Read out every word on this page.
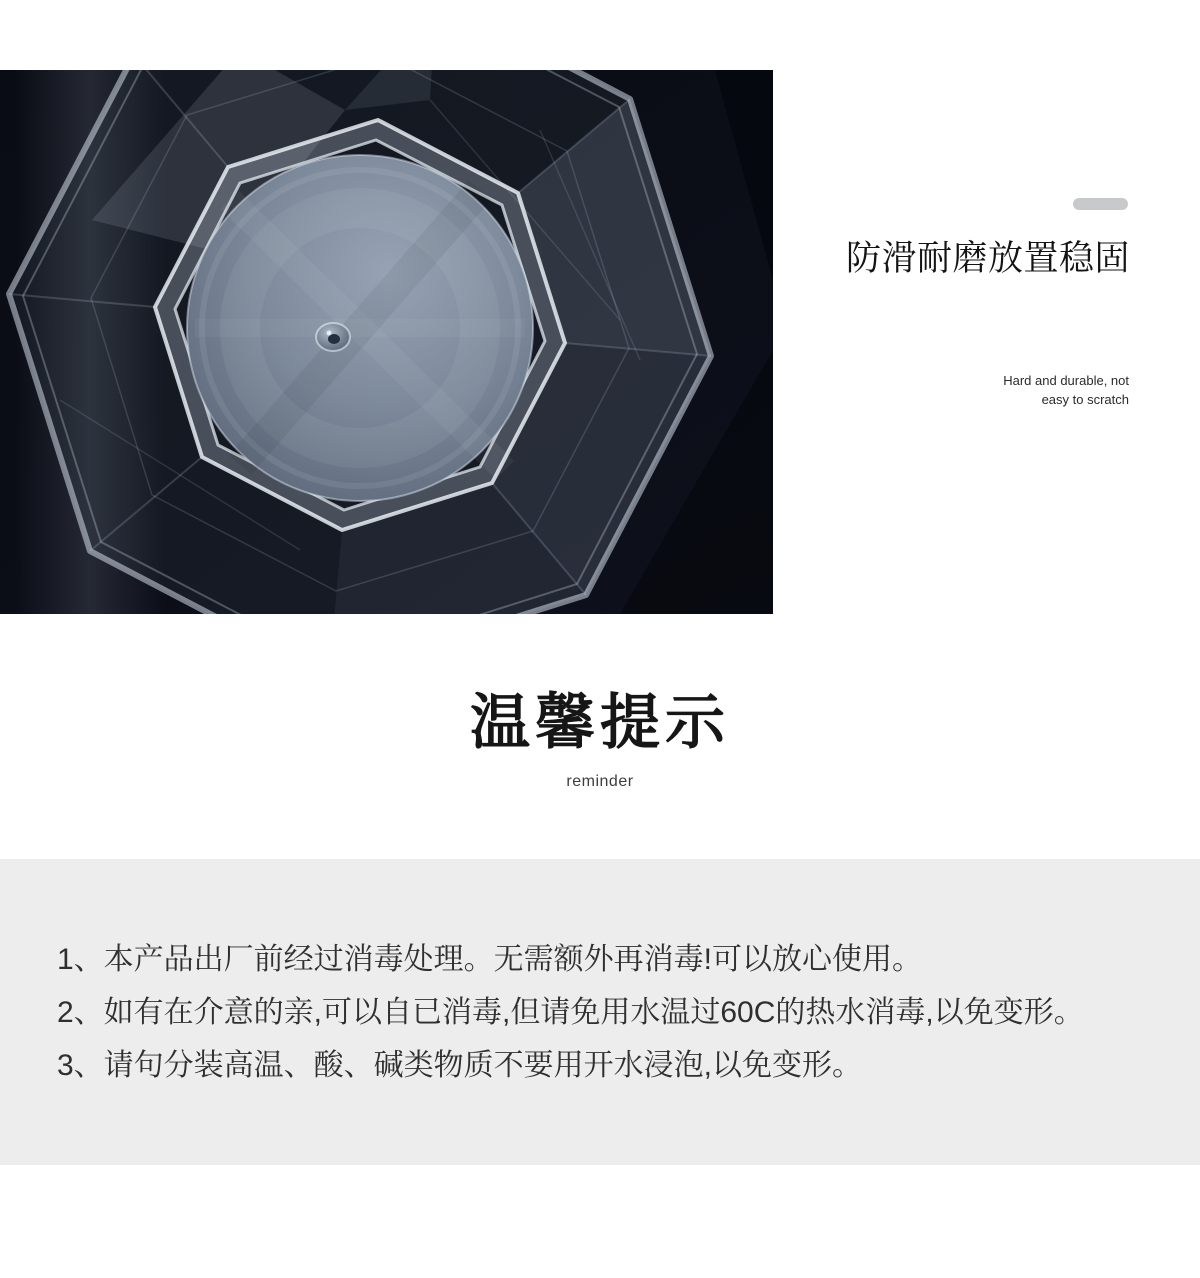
防滑耐磨放置稳固
Hard and durable, not
easy to scratch
温馨提示
reminder

1、本产品出厂前经过消毒处理。无需额外再消毒!可以放心使用。

2、如有在介意的亲,可以自已消毒,但请免用水温过60C的热水消毒,以免变形。

3、请句分装高温、酸、碱类物质不要用开水浸泡,以免变形。
